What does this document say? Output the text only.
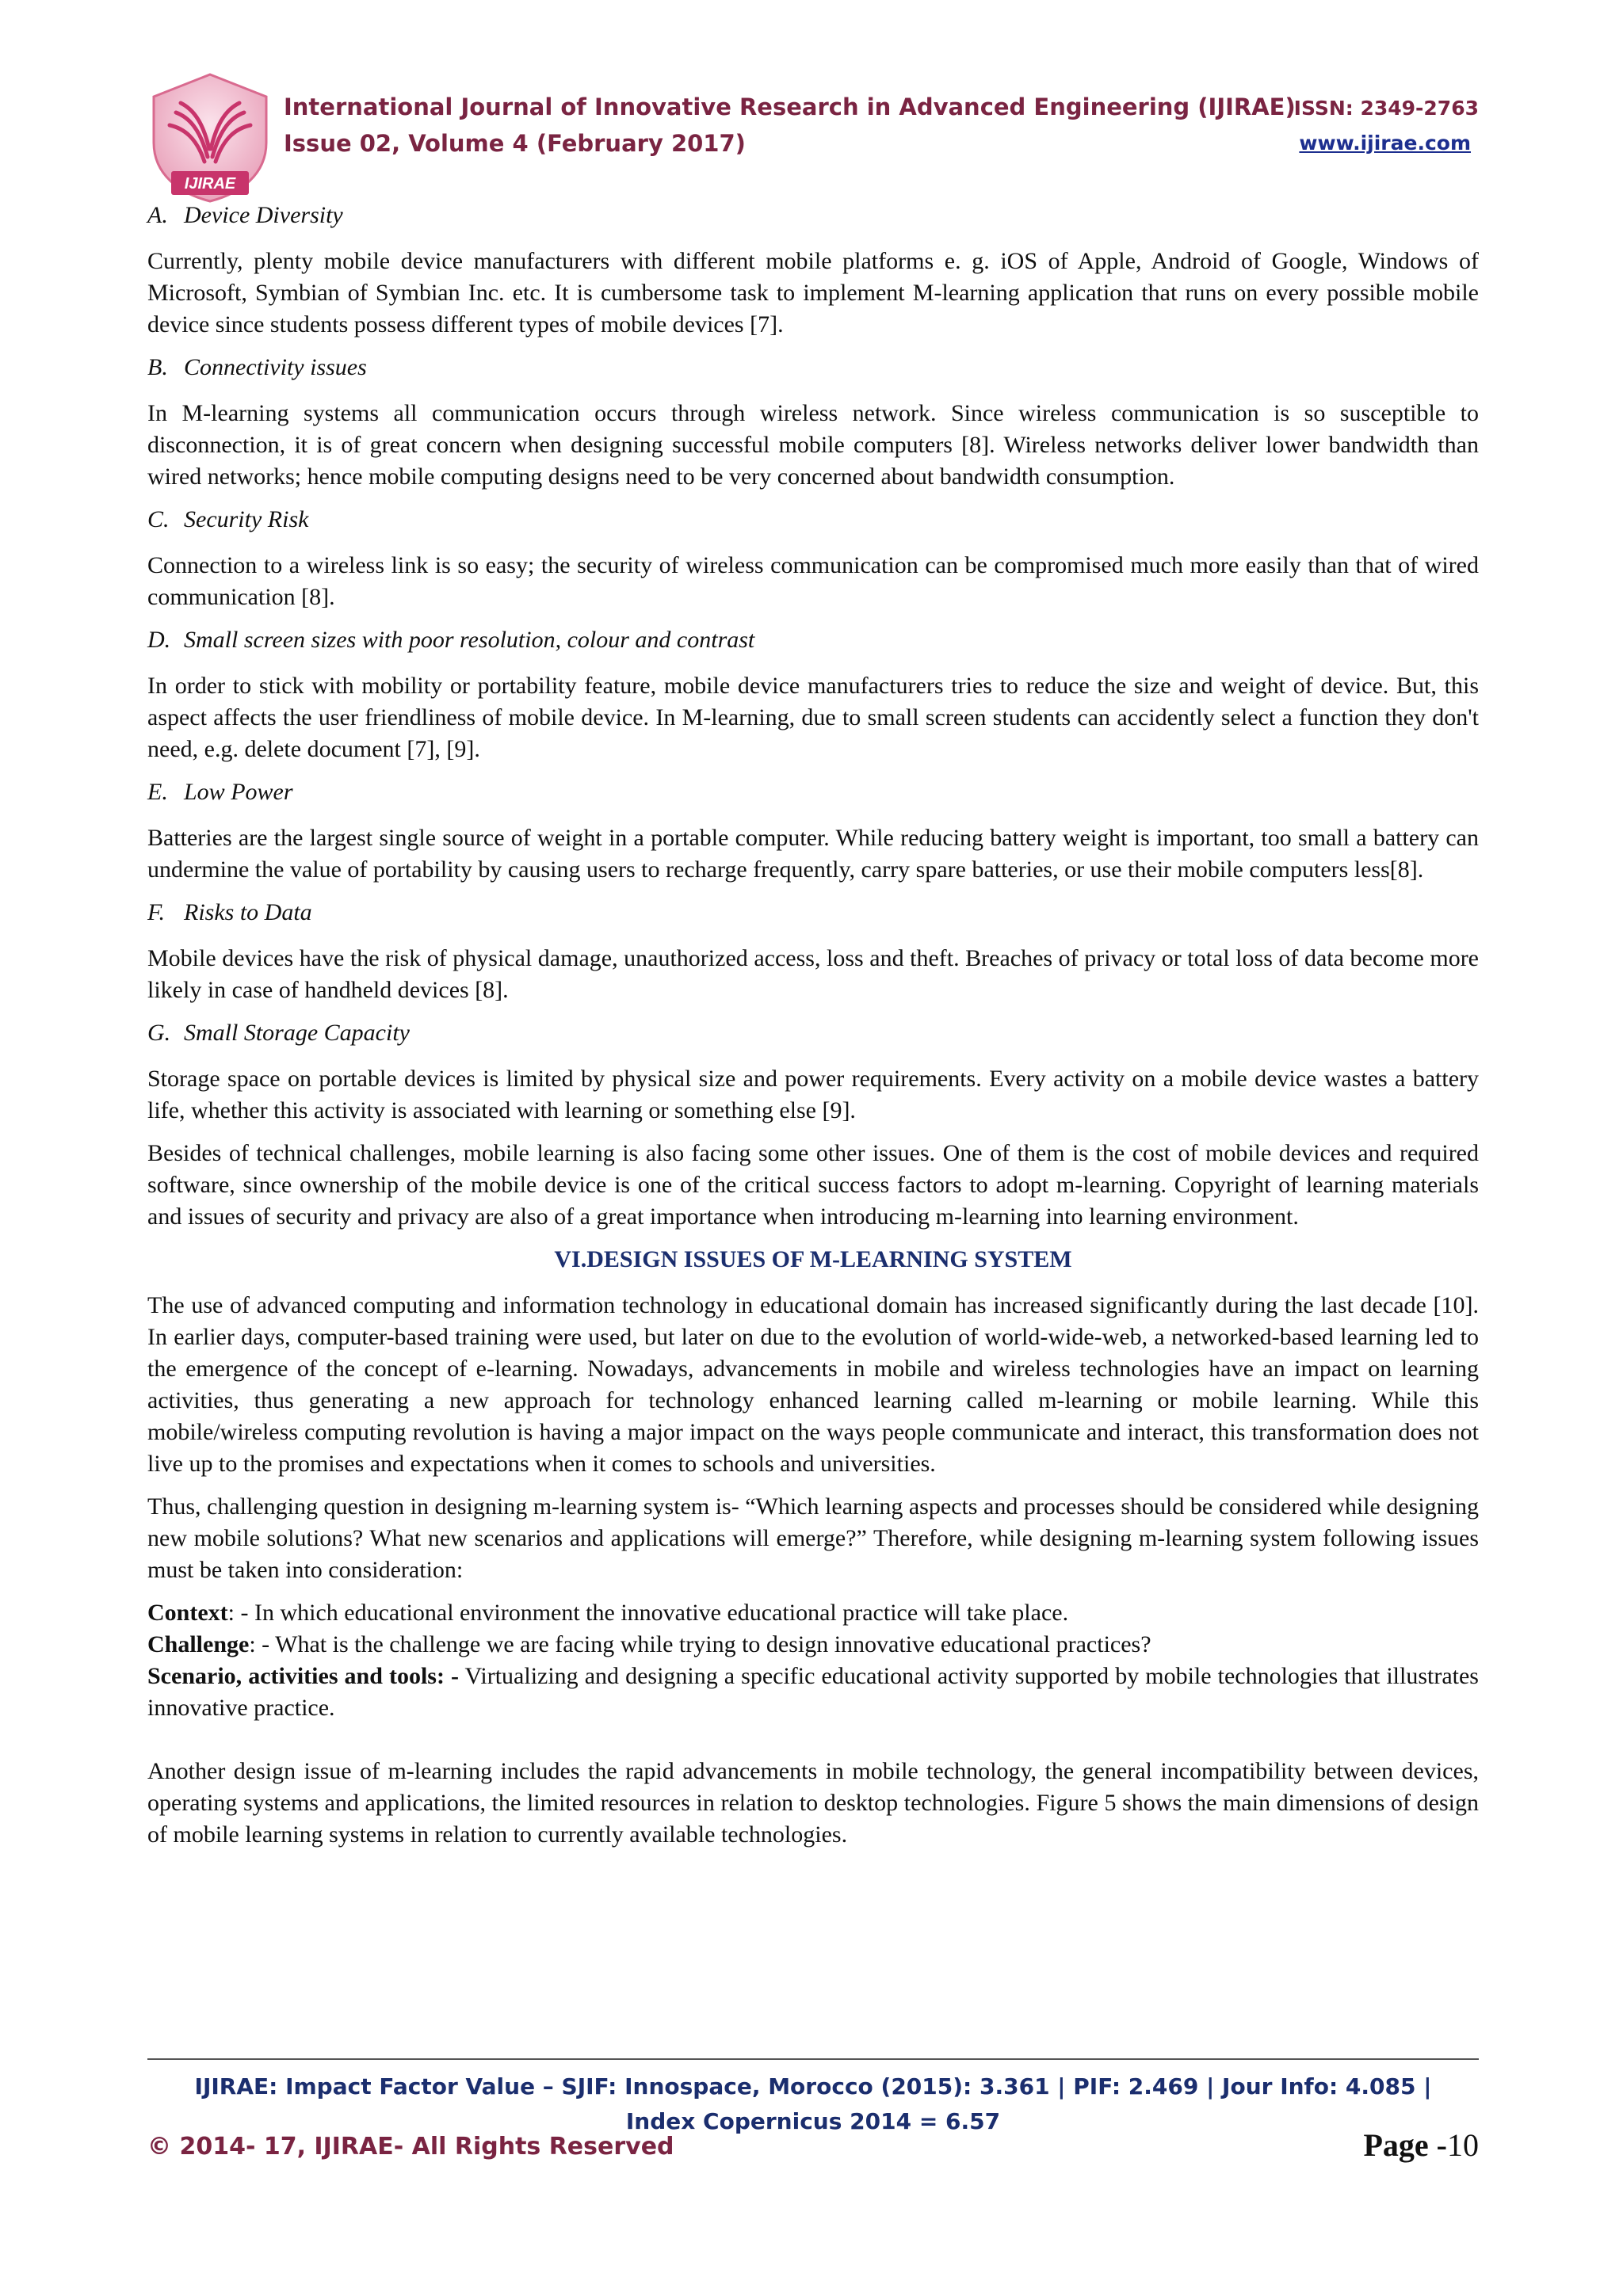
IJIRAE
International Journal of Innovative Research in Advanced Engineering (IJIRAE)
ISSN: 2349-2763
Issue 02, Volume 4 (February 2017)	www.ijirae.com
A. Device Diversity

Currently, plenty mobile device manufacturers with different mobile platforms e. g. iOS of Apple, Android of Google, Windows of Microsoft, Symbian of Symbian Inc. etc. It is cumbersome task to implement M-learning application that runs on every possible mobile device since students possess different types of mobile devices [7].

B. Connectivity issues

In M-learning systems all communication occurs through wireless network. Since wireless communication is so susceptible to disconnection, it is of great concern when designing successful mobile computers [8]. Wireless networks deliver lower bandwidth than wired networks; hence mobile computing designs need to be very concerned about bandwidth consumption.

C. Security Risk

Connection to a wireless link is so easy; the security of wireless communication can be compromised much more easily than that of wired communication [8].

D. Small screen sizes with poor resolution, colour and contrast

In order to stick with mobility or portability feature, mobile device manufacturers tries to reduce the size and weight of device. But, this aspect affects the user friendliness of mobile device. In M-learning, due to small screen students can accidently select a function they don't need, e.g. delete document [7], [9].

E. Low Power

Batteries are the largest single source of weight in a portable computer. While reducing battery weight is important, too small a battery can undermine the value of portability by causing users to recharge frequently, carry spare batteries, or use their mobile computers less[8].

F. Risks to Data

Mobile devices have the risk of physical damage, unauthorized access, loss and theft. Breaches of privacy or total loss of data become more likely in case of handheld devices [8].

G. Small Storage Capacity

Storage space on portable devices is limited by physical size and power requirements. Every activity on a mobile device wastes a battery life, whether this activity is associated with learning or something else [9].

Besides of technical challenges, mobile learning is also facing some other issues. One of them is the cost of mobile devices and required software, since ownership of the mobile device is one of the critical success factors to adopt m-learning. Copyright of learning materials and issues of security and privacy are also of a great importance when introducing m-learning into learning environment.

VI.DESIGN ISSUES OF M-LEARNING SYSTEM

The use of advanced computing and information technology in educational domain has increased significantly during the last decade [10]. In earlier days, computer-based training were used, but later on due to the evolution of world-wide-web, a networked-based learning led to the emergence of the concept of e-learning. Nowadays, advancements in mobile and wireless technologies have an impact on learning activities, thus generating a new approach for technology enhanced learning called m-learning or mobile learning. While this mobile/wireless computing revolution is having a major impact on the ways people communicate and interact, this transformation does not live up to the promises and expectations when it comes to schools and universities.

Thus, challenging question in designing m-learning system is- “Which learning aspects and processes should be considered while designing new mobile solutions? What new scenarios and applications will emerge?” Therefore, while designing m-learning system following issues must be taken into consideration:

Context: - In which educational environment the innovative educational practice will take place.

Challenge: - What is the challenge we are facing while trying to design innovative educational practices?

Scenario, activities and tools: - Virtualizing and designing a specific educational activity supported by mobile technologies that illustrates innovative practice.

Another design issue of m-learning includes the rapid advancements in mobile technology, the general incompatibility between devices, operating systems and applications, the limited resources in relation to desktop technologies. Figure 5 shows the main dimensions of design of mobile learning systems in relation to currently available technologies.

IJIRAE: Impact Factor Value – SJIF: Innospace, Morocco (2015): 3.361 | PIF: 2.469 | Jour Info: 4.085 |
Index Copernicus 2014 = 6.57
© 2014- 17, IJIRAE- All Rights Reserved	Page -10
